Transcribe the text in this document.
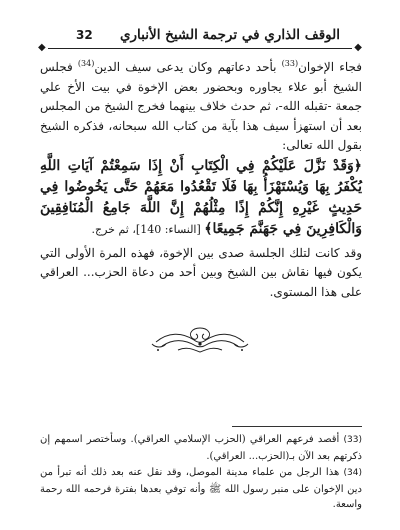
◆
32 الوقف الذاري في ترجمة الشيخ الأنباري
◆

فجاء الإخوان$^{(33)}$ بأحد دعاتهم وكان يدعى سيف الدين$^{(34)}$ فجلس الشيخ أبو علاء يجاوره وبحضور بعض الإخوة في بيت الأخ علي جمعة -تقبله الله-، ثم حدث خلاف بينهما فخرج الشيخ من المجلس بعد أن استهزأ سيف هذا بآية من كتاب الله سبحانه، فذكره الشيخ بقول الله تعالى:

﴿وَقَدْ نَزَّلَ عَلَيْكُمْ فِي الْكِتَابِ أَنْ إِذَا سَمِعْتُمْ آيَاتِ اللَّهِ يُكْفَرُ بِهَا وَيُسْتَهْزَأُ بِهَا فَلَا تَقْعُدُوا مَعَهُمْ حَتَّى يَخُوضُوا فِي حَدِيثٍ غَيْرِهِ إِنَّكُمْ إِذًا مِثْلُهُمْ إِنَّ اللَّهَ جَامِعُ الْمُنَافِقِينَ وَالْكَافِرِينَ فِي جَهَنَّمَ جَمِيعًا﴾ [النساء: 140]، ثم خرج.

وقد كانت لتلك الجلسة صدى بين الإخوة، فهذه المرة الأولى التي يكون فيها نقاش بين الشيخ وبين أحد من دعاة الحزب... العراقي على هذا المستوى.

(33) أقصد فرعهم العراقي (الحزب الإسلامي العراقي). وسأختصر اسمهم إن ذكرتهم بعد الآن بـ(الحزب... العراقي).

(34) هذا الرجل من علماء مدينة الموصل، وقد نقل عنه بعد ذلك أنه تبرأ من دين الإخوان على منبر رسول الله ﷺ وأنه توفي بعدها بفترة فرحمه الله رحمة واسعة.
